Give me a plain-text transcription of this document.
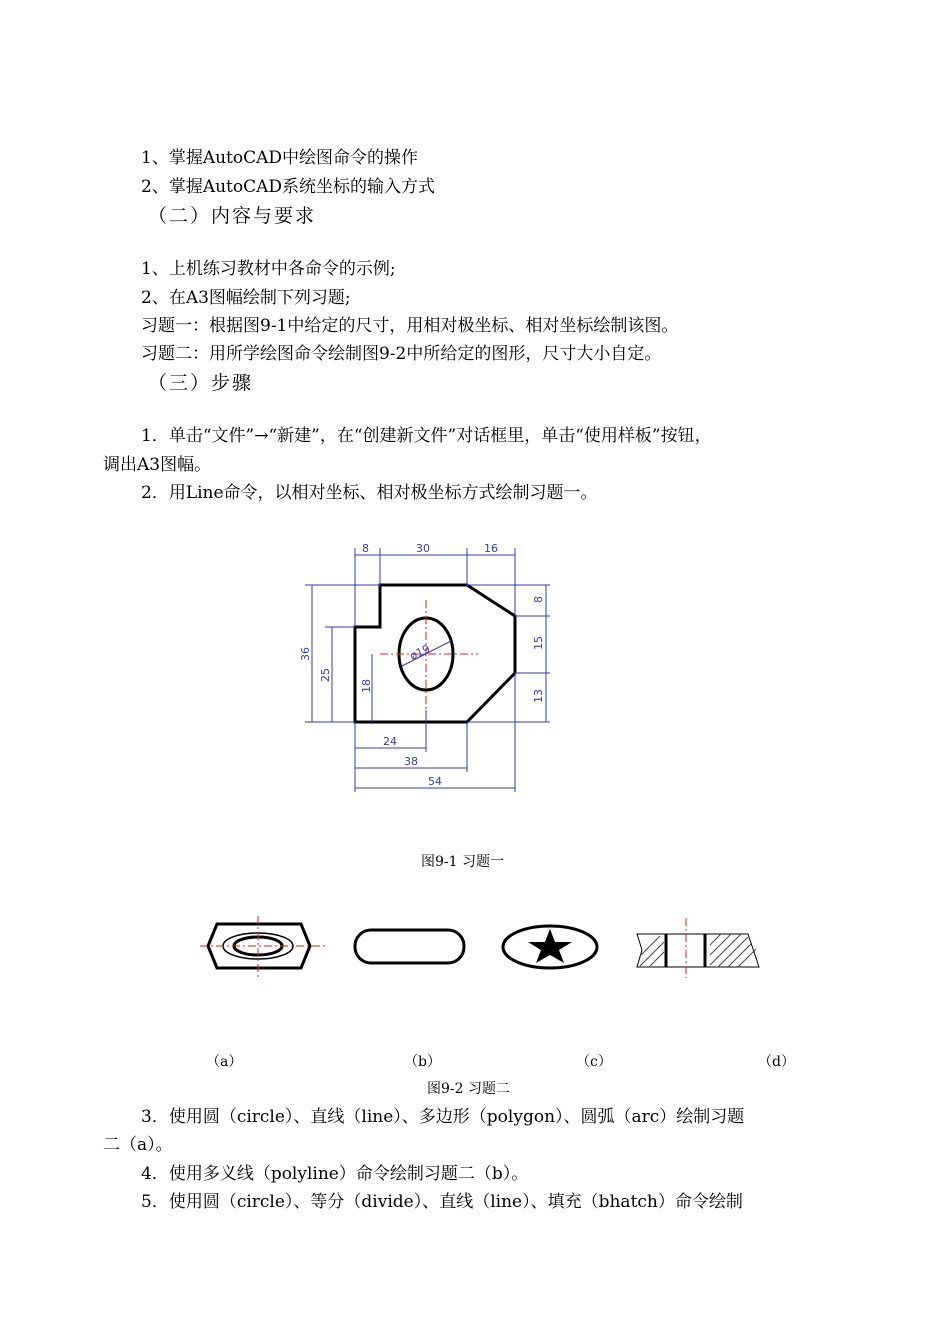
1、掌握AutoCAD中绘图命令的操作
2、掌握AutoCAD系统坐标的输入方式
（二）内容与要求
1、上机练习教材中各命令的示例;
2、在A3图幅绘制下列习题;
习题一：根据图9-1中给定的尺寸，用相对极坐标、相对坐标绘制该图。
习题二：用所学绘图命令绘制图9-2中所给定的图形，尺寸大小自定。
（三）步骤
1．单击“文件”→“新建”，在“创建新文件”对话框里，单击“使用样板”按钮，
调出A3图幅。
2．用Line命令，以相对坐标、相对极坐标方式绘制习题一。
8	30	16
36
25
18
ø19
8
15
13
24
38
54
图9-1 习题一
（a）	（b）	（c）	（d）
图9-2 习题二
3．使用圆（circle）、直线（line）、多边形（polygon）、圆弧（arc）绘制习题
二（a）。
4．使用多义线（polyline）命令绘制习题二（b）。
5．使用圆（circle）、等分（divide）、直线（line）、填充（bhatch）命令绘制
